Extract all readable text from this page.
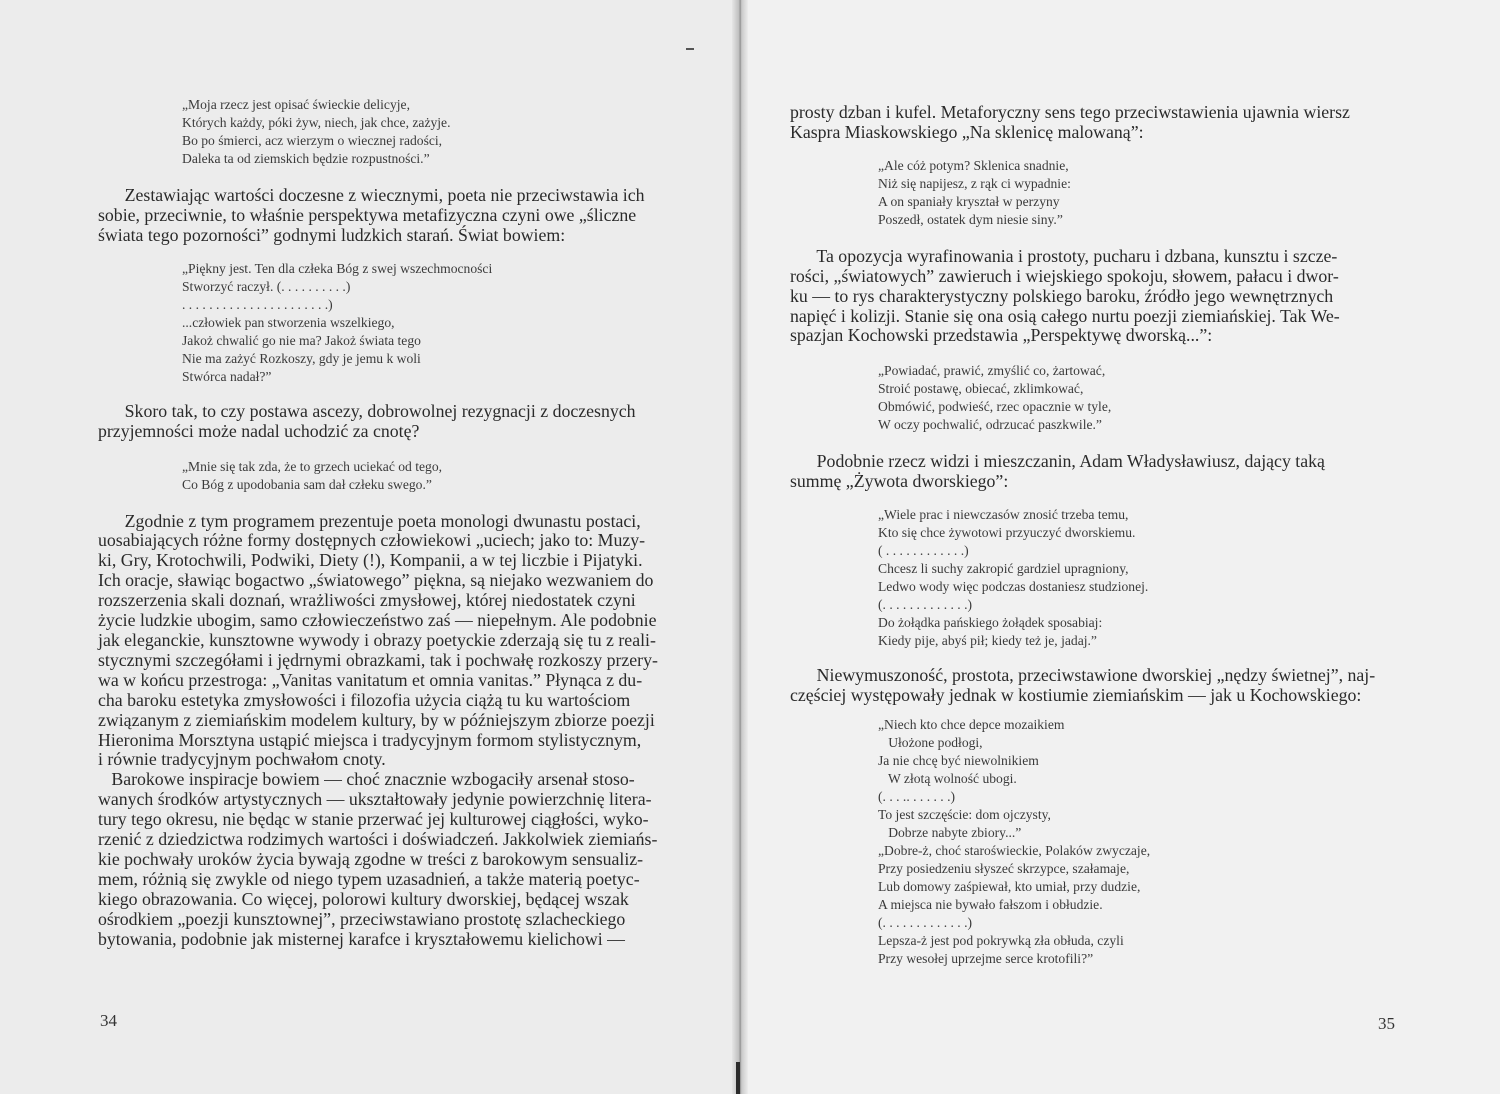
„Moja rzecz jest opisać świeckie delicyje,
Których każdy, póki żyw, niech, jak chce, zażyje.
Bo po śmierci, acz wierzym o wiecznej radości,
Daleka ta od ziemskich będzie rozpustności.”
Zestawiając wartości doczesne z wiecznymi, poeta nie przeciwstawia ich
sobie, przeciwnie, to właśnie perspektywa metafizyczna czyni owe „śliczne
świata tego pozorności” godnymi ludzkich starań. Świat bowiem:
„Piękny jest. Ten dla człeka Bóg z swej wszechmocności
Stworzyć raczył. (. . . . . . . . . .)
. . . . . . . . . . . . . . . . . . . . . .)
...człowiek pan stworzenia wszelkiego,
Jakoż chwalić go nie ma? Jakoż świata tego
Nie ma zażyć Rozkoszy, gdy je jemu k woli
Stwórca nadał?”
Skoro tak, to czy postawa ascezy, dobrowolnej rezygnacji z doczesnych
przyjemności może nadal uchodzić za cnotę?
„Mnie się tak zda, że to grzech uciekać od tego,
Co Bóg z upodobania sam dał człeku swego.”
Zgodnie z tym programem prezentuje poeta monologi dwunastu postaci,
uosabiających różne formy dostępnych człowiekowi „uciech; jako to: Muzy-
ki, Gry, Krotochwili, Podwiki, Diety (!), Kompanii, a w tej liczbie i Pijatyki.
Ich oracje, sławiąc bogactwo „światowego” piękna, są niejako wezwaniem do
rozszerzenia skali doznań, wrażliwości zmysłowej, której niedostatek czyni
życie ludzkie ubogim, samo człowieczeństwo zaś — niepełnym. Ale podobnie
jak eleganckie, kunsztowne wywody i obrazy poetyckie zderzają się tu z reali-
stycznymi szczegółami i jędrnymi obrazkami, tak i pochwałę rozkoszy przery-
wa w końcu przestroga: „Vanitas vanitatum et omnia vanitas.” Płynąca z du-
cha baroku estetyka zmysłowości i filozofia użycia ciążą tu ku wartościom
związanym z ziemiańskim modelem kultury, by w późniejszym zbiorze poezji
Hieronima Morsztyna ustąpić miejsca i tradycyjnym formom stylistycznym,
i równie tradycyjnym pochwałom cnoty.
Barokowe inspiracje bowiem — choć znacznie wzbogaciły arsenał stoso-
wanych środków artystycznych — ukształtowały jedynie powierzchnię litera-
tury tego okresu, nie będąc w stanie przerwać jej kulturowej ciągłości, wyko-
rzenić z dziedzictwa rodzimych wartości i doświadczeń. Jakkolwiek ziemiańs-
kie pochwały uroków życia bywają zgodne w treści z barokowym sensualiz-
mem, różnią się zwykle od niego typem uzasadnień, a także materią poetyc-
kiego obrazowania. Co więcej, polorowi kultury dworskiej, będącej wszak
ośrodkiem „poezji kunsztownej”, przeciwstawiano prostotę szlacheckiego
bytowania, podobnie jak misternej karafce i kryształowemu kielichowi —
34
prosty dzban i kufel. Metaforyczny sens tego przeciwstawienia ujawnia wiersz
Kaspra Miaskowskiego „Na sklenicę malowaną”:
„Ale cóż potym? Sklenica snadnie,
Niż się napijesz, z rąk ci wypadnie:
A on spaniały kryształ w perzyny
Poszedł, ostatek dym niesie siny.”
Ta opozycja wyrafinowania i prostoty, pucharu i dzbana, kunsztu i szcze-
rości, „światowych” zawieruch i wiejskiego spokoju, słowem, pałacu i dwor-
ku — to rys charakterystyczny polskiego baroku, źródło jego wewnętrznych
napięć i kolizji. Stanie się ona osią całego nurtu poezji ziemiańskiej. Tak We-
spazjan Kochowski przedstawia „Perspektywę dworską...”:
„Powiadać, prawić, zmyślić co, żartować,
Stroić postawę, obiecać, zklimkować,
Obmówić, podwieść, rzec opacznie w tyle,
W oczy pochwalić, odrzucać paszkwile.”
Podobnie rzecz widzi i mieszczanin, Adam Władysławiusz, dający taką
summę „Żywota dworskiego”:
„Wiele prac i niewczasów znosić trzeba temu,
Kto się chce żywotowi przyuczyć dworskiemu.
( . . . . . . . . . . . .)
Chcesz li suchy zakropić gardziel upragniony,
Ledwo wody więc podczas dostaniesz studzionej.
(. . . . . . . . . . . . .)
Do żołądka pańskiego żołądek sposabiaj:
Kiedy pije, abyś pił; kiedy też je, jadaj.”
Niewymuszoność, prostota, przeciwstawione dworskiej „nędzy świetnej”, naj-
częściej występowały jednak w kostiumie ziemiańskim — jak u Kochowskiego:
„Niech kto chce depce mozaikiem
Ułożone podłogi,
Ja nie chcę być niewolnikiem
W złotą wolność ubogi.
(. . . .. . . . . . .)
To jest szczęście: dom ojczysty,
Dobrze nabyte zbiory...”
„Dobre-ż, choć staroświeckie, Polaków zwyczaje,
Przy posiedzeniu słyszeć skrzypce, szałamaje,
Lub domowy zaśpiewał, kto umiał, przy dudzie,
A miejsca nie bywało fałszom i obłudzie.
(. . . . . . . . . . . . .)
Lepsza-ż jest pod pokrywką zła obłuda, czyli
Przy wesołej uprzejme serce krotofili?”
35
